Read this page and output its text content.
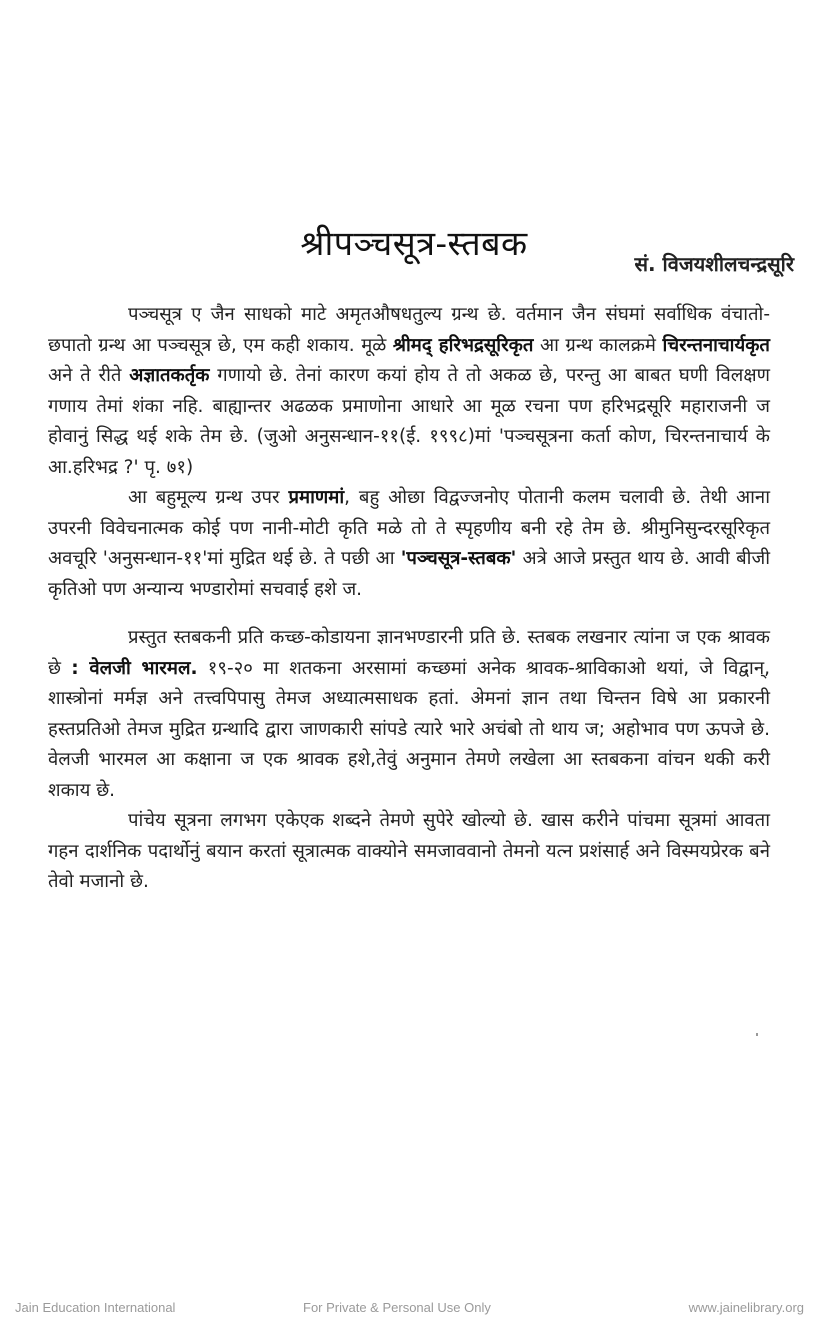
श्रीपञ्चसूत्र-स्तबक
सं. विजयशीलचन्द्रसूरि

पञ्चसूत्र ए जैन साधको माटे अमृतऔषधतुल्य ग्रन्थ छे. वर्तमान जैन संघमां सर्वाधिक वंचातो-छपातो ग्रन्थ आ पञ्चसूत्र छे, एम कही शकाय. मूळे श्रीमद् हरिभद्रसूरिकृत आ ग्रन्थ कालक्रमे चिरन्तनाचार्यकृत अने ते रीते अज्ञातकर्तृक गणायो छे. तेनां कारण कयां होय ते तो अकळ छे, परन्तु आ बाबत घणी विलक्षण गणाय तेमां शंका नहि. बाह्यान्तर अढळक प्रमाणोना आधारे आ मूळ रचना पण हरिभद्रसूरि महाराजनी ज होवानुं सिद्ध थई शके तेम छे. (जुओ अनुसन्धान-११(ई. १९९८)मां 'पञ्चसूत्रना कर्ता कोण, चिरन्तनाचार्य के आ.हरिभद्र ?' पृ. ७१)

आ बहुमूल्य ग्रन्थ उपर प्रमाणमां, बहु ओछा विद्वज्जनोए पोतानी कलम चलावी छे. तेथी आना उपरनी विवेचनात्मक कोई पण नानी-मोटी कृति मळे तो ते स्पृहणीय बनी रहे तेम छे. श्रीमुनिसुन्दरसूरिकृत अवचूरि 'अनुसन्धान-११'मां मुद्रित थई छे. ते पछी आ 'पञ्चसूत्र-स्तबक' अत्रे आजे प्रस्तुत थाय छे. आवी बीजी कृतिओ पण अन्यान्य भण्डारोमां सचवाई हशे ज.

प्रस्तुत स्तबकनी प्रति कच्छ-कोडायना ज्ञानभण्डारनी प्रति छे. स्तबक लखनार त्यांना ज एक श्रावक छे : वेलजी भारमल. १९-२० मा शतकना अरसामां कच्छमां अनेक श्रावक-श्राविकाओ थयां, जे विद्वान्, शास्त्रोनां मर्मज्ञ अने तत्त्वपिपासु तेमज अध्यात्मसाधक हतां. अेमनां ज्ञान तथा चिन्तन विषे आ प्रकारनी हस्तप्रतिओ तेमज मुद्रित ग्रन्थादि द्वारा जाणकारी सांपडे त्यारे भारे अचंबो तो थाय ज; अहोभाव पण ऊपजे छे. वेलजी भारमल आ कक्षाना ज एक श्रावक हशे,तेवुं अनुमान तेमणे लखेला आ स्तबकना वांचन थकी करी शकाय छे.

पांचेय सूत्रना लगभग एकेएक शब्दने तेमणे सुपेरे खोल्यो छे. खास करीने पांचमा सूत्रमां आवता गहन दार्शनिक पदार्थोनुं बयान करतां सूत्रात्मक वाक्योने समजाववानो तेमनो यत्न प्रशंसार्ह अने विस्मयप्रेरक बने तेवो मजानो छे.

Jain Education International	For Private & Personal Use Only	www.jainelibrary.org
